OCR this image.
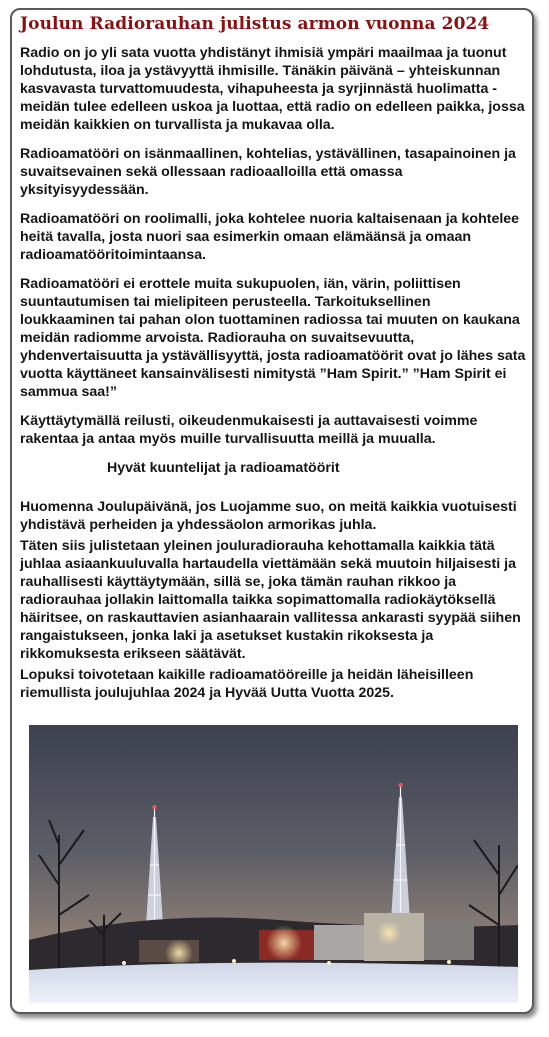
Joulun Radiorauhan julistus armon vuonna 2024

Radio on jo yli sata vuotta yhdistänyt ihmisiä ympäri maailmaa ja tuonut lohdutusta, iloa ja ystävyyttä ihmisille. Tänäkin päivänä – yhteiskunnan kasvavasta turvattomuudesta, vihapuheesta ja syrjinnästä huolimatta - meidän tulee edelleen uskoa ja luottaa, että radio on edelleen paikka, jossa meidän kaikkien on turvallista ja mukavaa olla.

Radioamatööri on isänmaallinen, kohtelias, ystävällinen, tasapainoinen ja suvaitsevainen sekä ollessaan radioaalloilla että omassa yksityisyydessään.

Radioamatööri on roolimalli, joka kohtelee nuoria kaltaisenaan ja kohtelee heitä tavalla, josta nuori saa esimerkin omaan elämäänsä ja omaan radioamatööritoimintaansa.

Radioamatööri ei erottele muita sukupuolen, iän, värin, poliittisen suuntautumisen tai mielipiteen perusteella. Tarkoituksellinen loukkaaminen tai pahan olon tuottaminen radiossa tai muuten on kaukana meidän radiomme arvoista. Radiorauha on suvaitsevuutta, yhdenvertaisuutta ja ystävällisyyttä, josta radioamatöörit ovat jo lähes sata vuotta käyttäneet kansainvälisesti nimitystä ”Ham Spirit.” ”Ham Spirit ei sammua saa!”

Käyttäytymällä reilusti, oikeudenmukaisesti ja auttavaisesti voimme rakentaa ja antaa myös muille turvallisuutta meillä ja muualla.

Hyvät kuuntelijat ja radioamatöörit

Huomenna Joulupäivänä, jos Luojamme suo, on meitä kaikkia vuotuisesti yhdistävä perheiden ja yhdessäolon armorikas juhla.

Täten siis julistetaan yleinen jouluradiorauha kehottamalla kaikkia tätä juhlaa asiaankuuluvalla hartaudella viettämään sekä muutoin hiljaisesti ja rauhallisesti käyttäytymään, sillä se, joka tämän rauhan rikkoo ja radiorauhaa jollakin laittomalla taikka sopimattomalla radiokäytöksellä häiritsee, on raskauttavien asianhaarain vallitessa ankarasti syypää siihen rangaistukseen, jonka laki ja asetukset kustakin rikoksesta ja rikkomuksesta erikseen säätävät.

Lopuksi toivotetaan kaikille radioamatööreille ja heidän läheisilleen riemullista joulujuhlaa 2024 ja Hyvää Uutta Vuotta 2025.
